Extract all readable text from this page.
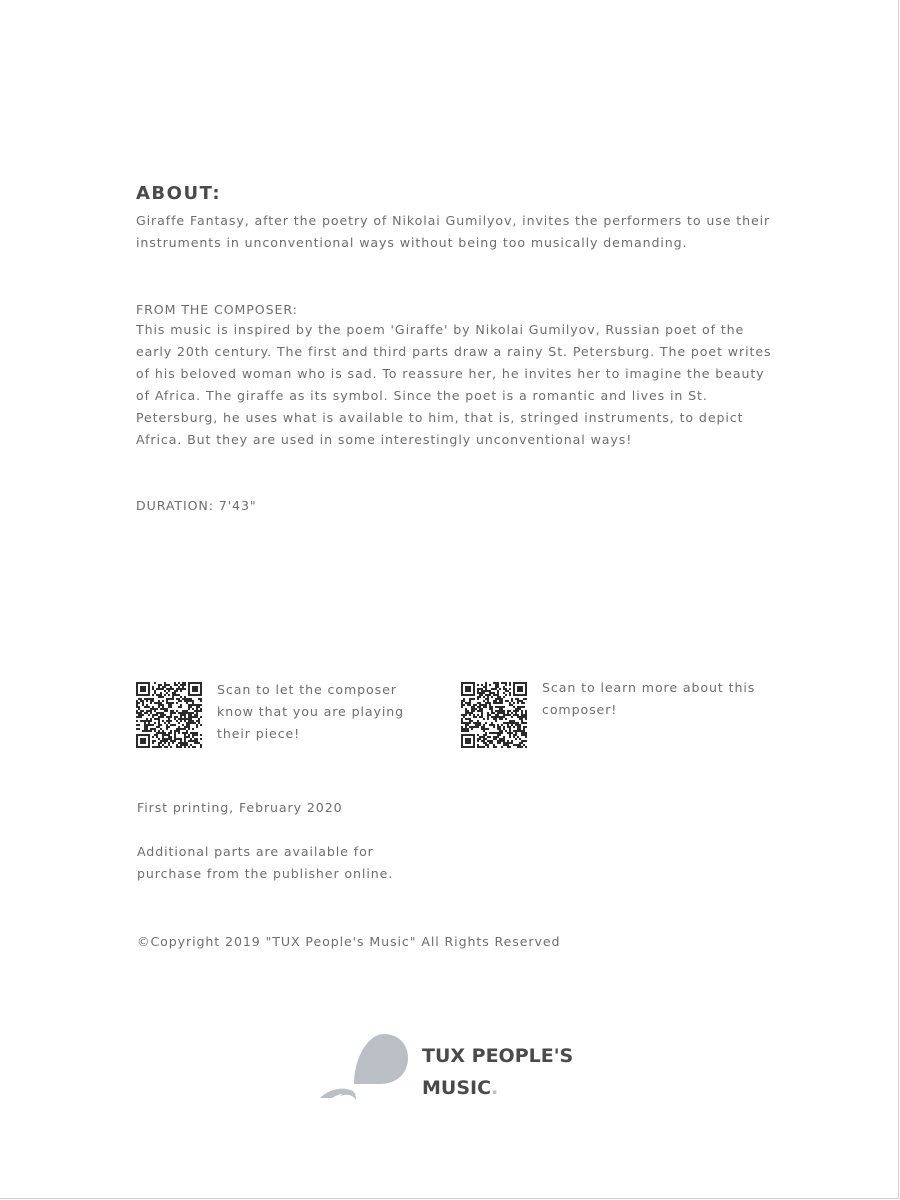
ABOUT:

Giraffe Fantasy, after the poetry of Nikolai Gumilyov, invites the performers to use their instruments in unconventional ways without being too musically demanding.

FROM THE COMPOSER:

This music is inspired by the poem 'Giraffe' by Nikolai Gumilyov, Russian poet of the early 20th century. The first and third parts draw a rainy St. Petersburg. The poet writes of his beloved woman who is sad. To reassure her, he invites her to imagine the beauty of Africa. The giraffe as its symbol. Since the poet is a romantic and lives in St. Petersburg, he uses what is available to him, that is, stringed instruments, to depict Africa. But they are used in some interestingly unconventional ways!

DURATION: 7'43"

Scan to let the composer know that you are playing their piece!

Scan to learn more about this composer!

First printing, February 2020

Additional parts are available for purchase from the publisher online.

©Copyright 2019 "TUX People's Music" All Rights Reserved

TUX PEOPLE'S
MUSIC.
